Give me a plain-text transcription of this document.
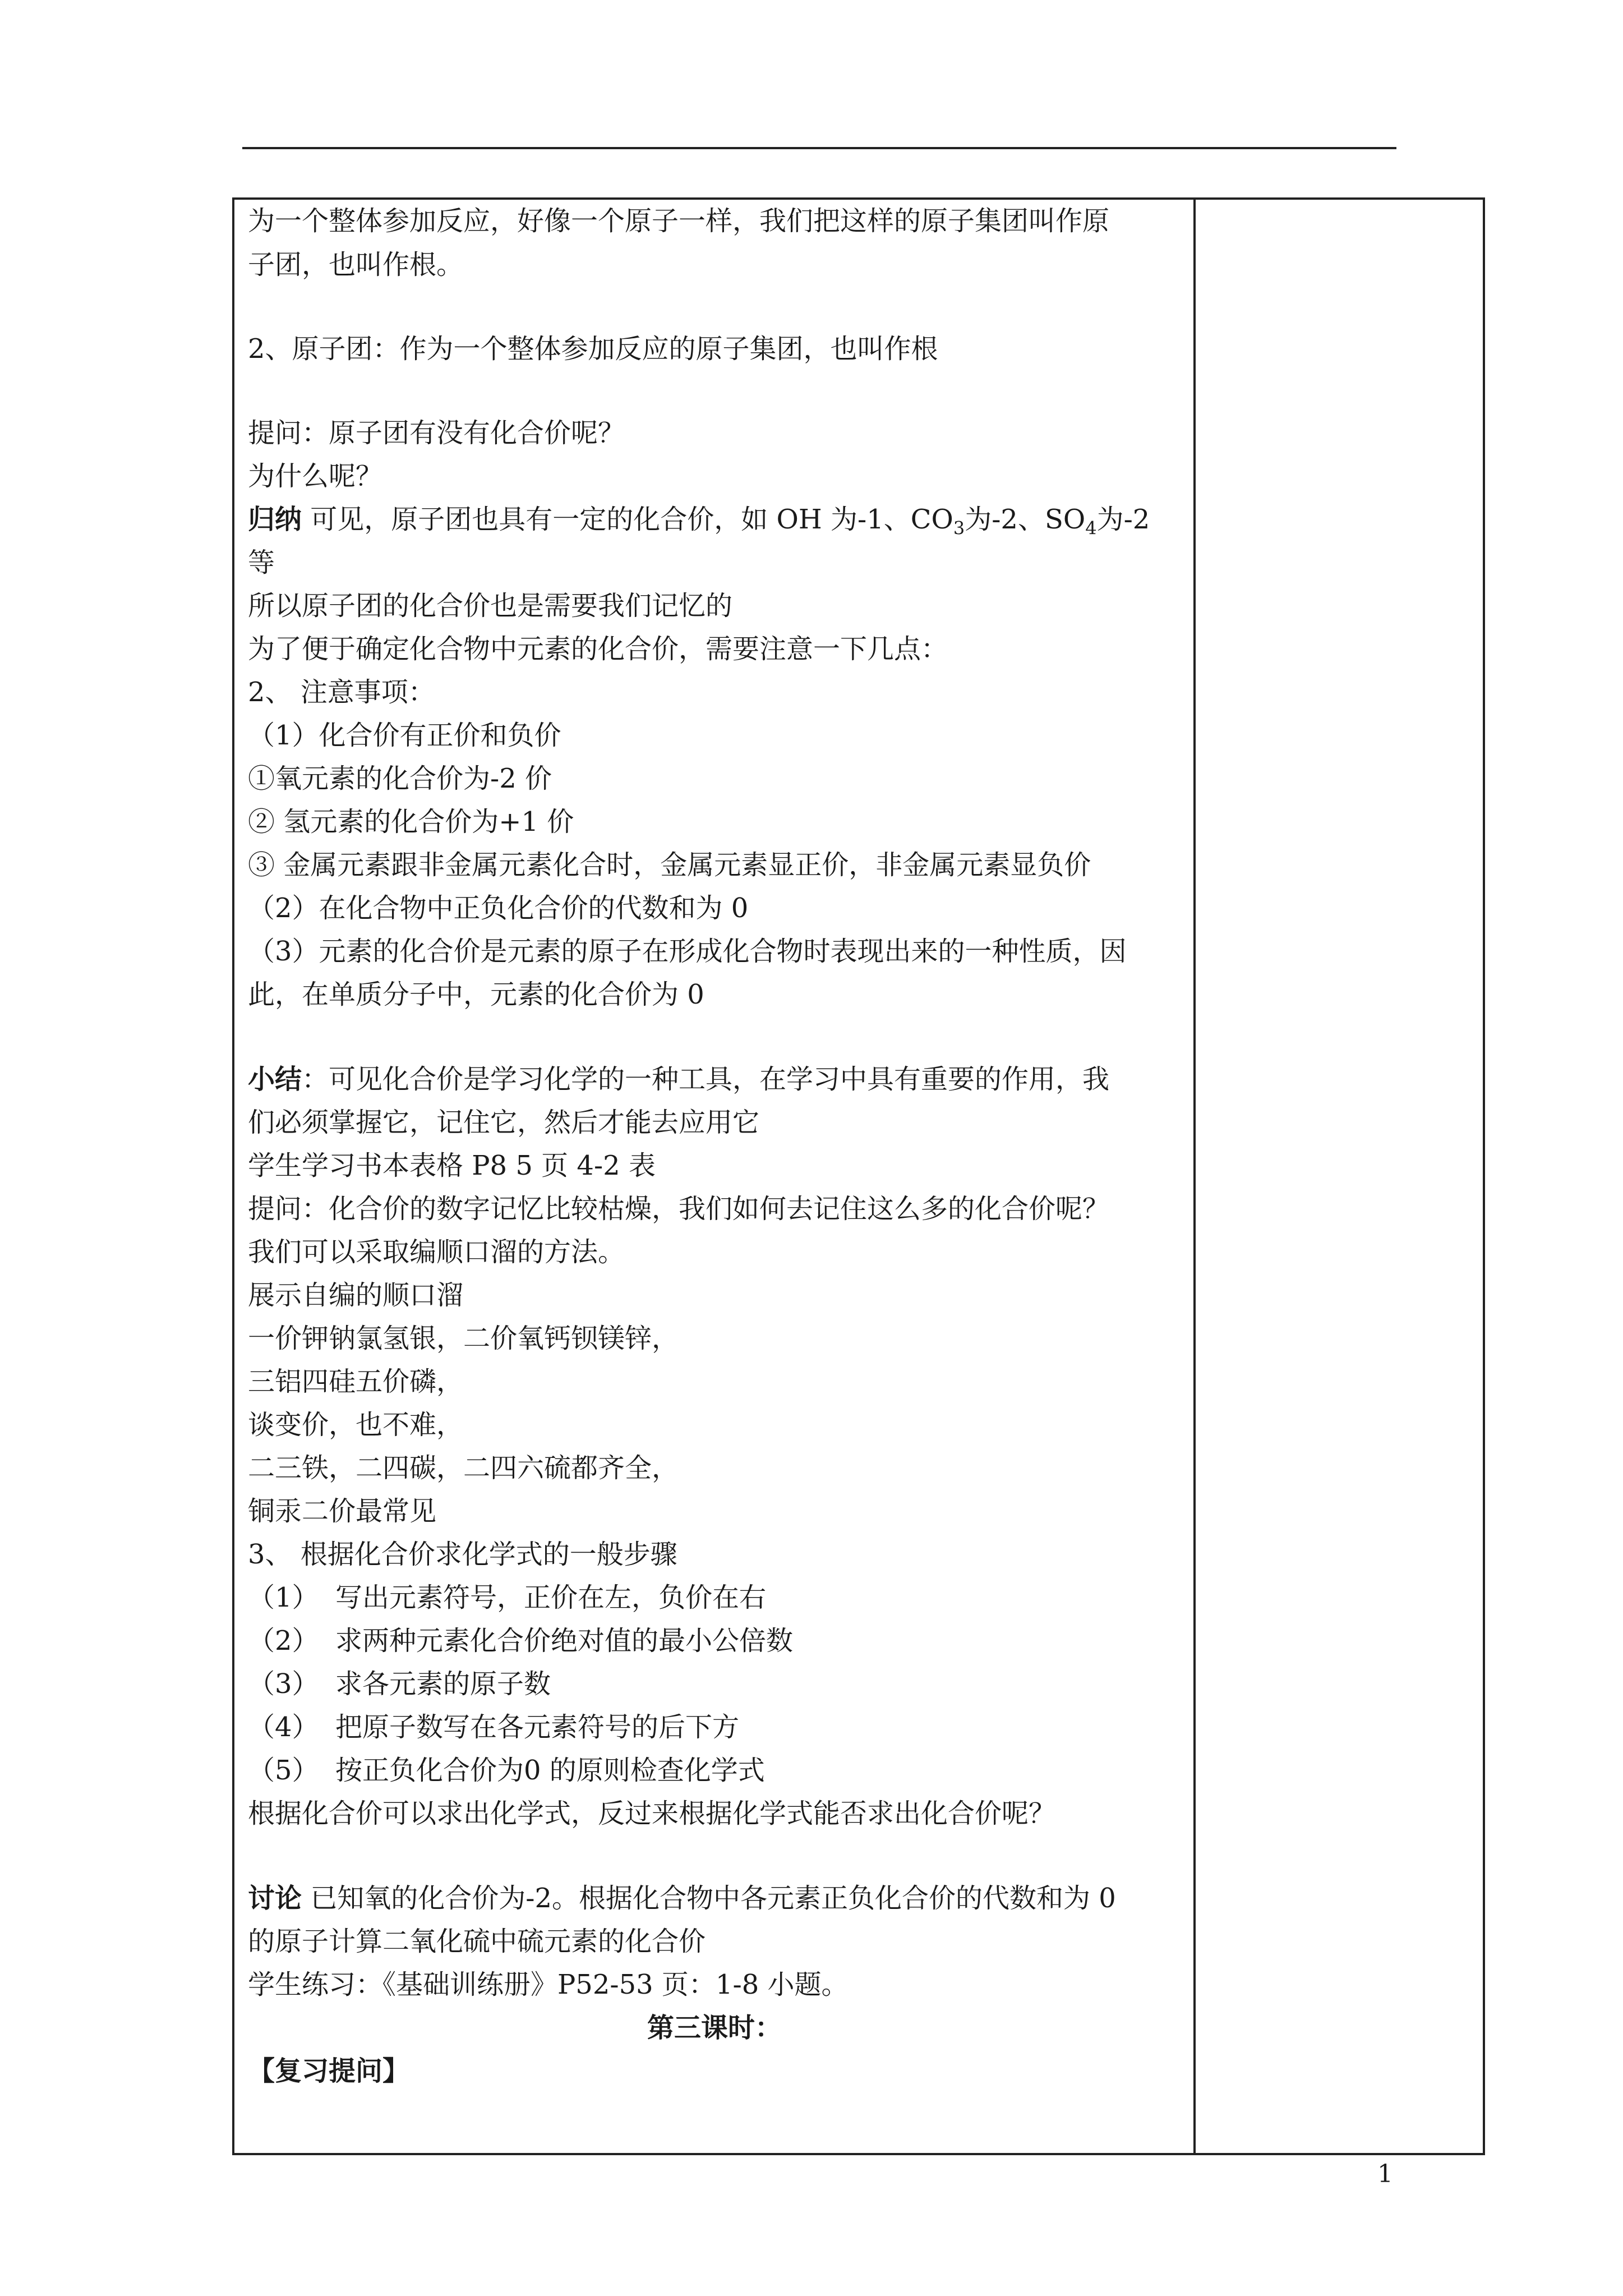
为一个整体参加反应，好像一个原子一样，我们把这样的原子集团叫作原
子团，也叫作根。
2、原子团：作为一个整体参加反应的原子集团，也叫作根
提问：原子团有没有化合价呢？
为什么呢？
归纳 可见，原子团也具有一定的化合价，如 OH 为-1、$CO_3$为-2、$SO_4$为-2
等
所以原子团的化合价也是需要我们记忆的
为了便于确定化合物中元素的化合价，需要注意一下几点：
2、 注意事项：
（1）化合价有正价和负价
①氧元素的化合价为-2 价
② 氢元素的化合价为+1 价
③ 金属元素跟非金属元素化合时，金属元素显正价，非金属元素显负价
（2）在化合物中正负化合价的代数和为 0
（3）元素的化合价是元素的原子在形成化合物时表现出来的一种性质，因
此，在单质分子中，元素的化合价为 0
小结：可见化合价是学习化学的一种工具，在学习中具有重要的作用，我
们必须掌握它，记住它，然后才能去应用它
学生学习书本表格 P8 5 页 4-2 表
提问：化合价的数字记忆比较枯燥，我们如何去记住这么多的化合价呢？
我们可以采取编顺口溜的方法。
展示自编的顺口溜
一价钾钠氯氢银，二价氧钙钡镁锌，
三铝四硅五价磷，
谈变价，也不难，
二三铁，二四碳，二四六硫都齐全，
铜汞二价最常见
3、 根据化合价求化学式的一般步骤
（1） 写出元素符号，正价在左，负价在右
（2） 求两种元素化合价绝对值的最小公倍数
（3） 求各元素的原子数
（4） 把原子数写在各元素符号的后下方
（5） 按正负化合价为0 的原则检查化学式
根据化合价可以求出化学式，反过来根据化学式能否求出化合价呢？
讨论 已知氧的化合价为-2。根据化合物中各元素正负化合价的代数和为 0
的原子计算二氧化硫中硫元素的化合价
学生练习：《基础训练册》P52-53 页：1-8 小题。
第三课时：
【复习提问】
1
